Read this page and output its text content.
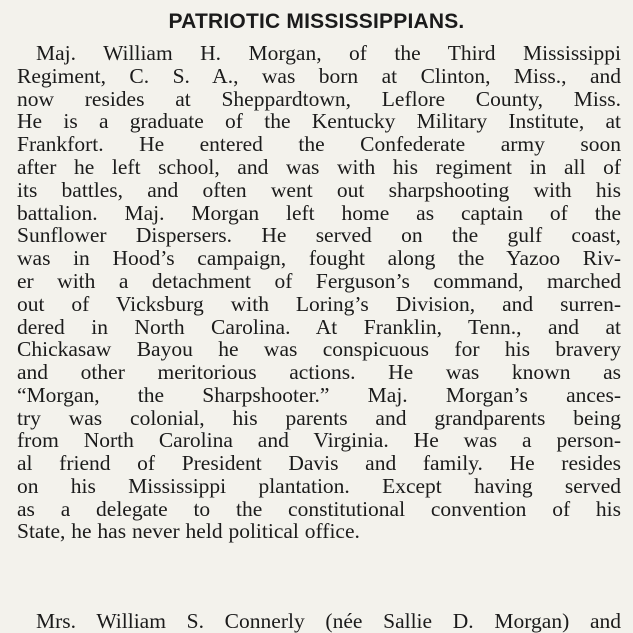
PATRIOTIC MISSISSIPPIANS.
Maj. William H. Morgan, of the Third Mississippi
Regiment, C. S. A., was born at Clinton, Miss., and
now resides at Sheppardtown, Leflore County, Miss.
He is a graduate of the Kentucky Military Institute, at
Frankfort. He entered the Confederate army soon
after he left school, and was with his regiment in all of
its battles, and often went out sharpshooting with his
battalion. Maj. Morgan left home as captain of the
Sunflower Dispersers. He served on the gulf coast,
was in Hood’s campaign, fought along the Yazoo Riv-
er with a detachment of Ferguson’s command, marched
out of Vicksburg with Loring’s Division, and surren-
dered in North Carolina. At Franklin, Tenn., and at
Chickasaw Bayou he was conspicuous for his bravery
and other meritorious actions. He was known as
“Morgan, the Sharpshooter.” Maj. Morgan’s ances-
try was colonial, his parents and grandparents being
from North Carolina and Virginia. He was a person-
al friend of President Davis and family. He resides
on his Mississippi plantation. Except having served
as a delegate to the constitutional convention of his
State, he has never held political office.
Mrs. William S. Connerly (née Sallie D. Morgan) and
